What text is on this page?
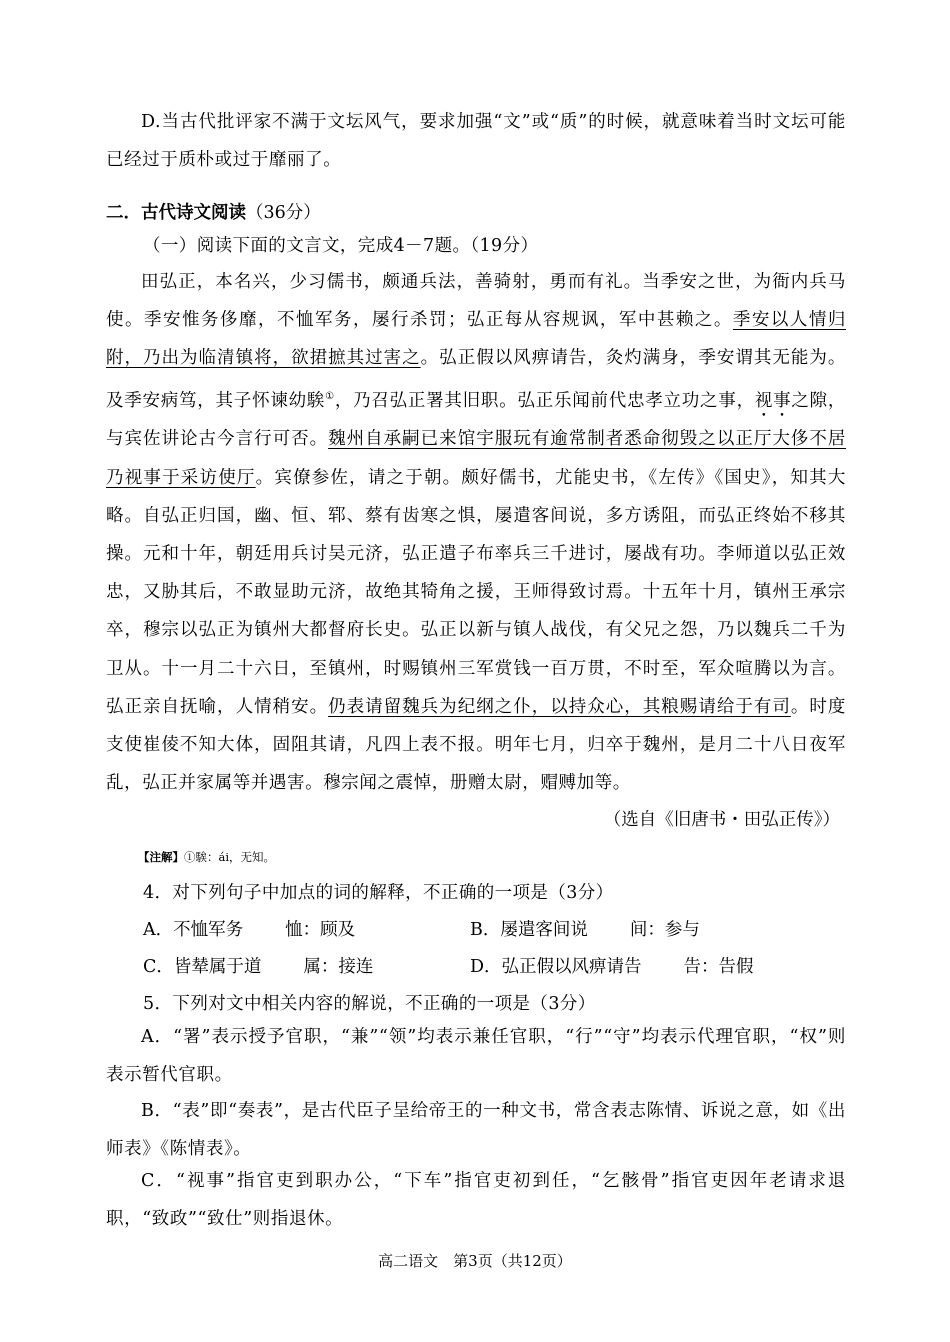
D.当古代批评家不满于文坛风气，要求加强“文”或“质”的时候，就意味着当时文坛可能已经过于质朴或过于靡丽了。

二．古代诗文阅读（36分）

（一）阅读下面的文言文，完成4－7题。（19分）

田弘正，本名兴，少习儒书，颇通兵法，善骑射，勇而有礼。当季安之世，为衙内兵马使。季安惟务侈靡，不恤军务，屡行杀罚；弘正每从容规讽，军中甚赖之。季安以人情归附，乃出为临清镇将，欲捃摭其过害之。弘正假以风痹请告，灸灼满身，季安谓其无能为。及季安病笃，其子怀谏幼騃①，乃召弘正署其旧职。弘正乐闻前代忠孝立功之事，视事之隙，与宾佐讲论古今言行可否。魏州自承嗣已来馆宇服玩有逾常制者悉命彻毁之以正厅大侈不居乃视事于采访使厅。宾僚参佐，请之于朝。颇好儒书，尤能史书，《左传》《国史》，知其大略。自弘正归国，幽、恒、郓、蔡有齿寒之惧，屡遣客间说，多方诱阻，而弘正终始不移其操。元和十年，朝廷用兵讨吴元济，弘正遣子布率兵三千进讨，屡战有功。李师道以弘正效忠，又胁其后，不敢显助元济，故绝其犄角之援，王师得致讨焉。十五年十月，镇州王承宗卒，穆宗以弘正为镇州大都督府长史。弘正以新与镇人战伐，有父兄之怨，乃以魏兵二千为卫从。十一月二十六日，至镇州，时赐镇州三军赏钱一百万贯，不时至，军众喧腾以为言。弘正亲自抚喻，人情稍安。仍表请留魏兵为纪纲之仆，以持众心，其粮赐请给于有司。时度支使崔倰不知大体，固阻其请，凡四上表不报。明年七月，归卒于魏州，是月二十八日夜军乱，弘正并家属等并遇害。穆宗闻之震悼，册赠太尉，赗赙加等。

（选自《旧唐书・田弘正传》）

【注解】①騃：ái，无知。

4．对下列句子中加点的词的解释，不正确的一项是（3分）

A．不恤军务 恤：顾及	B．屡遣客间说 间：参与

C．皆辇属于道 属：接连	D．弘正假以风痹请告 告：告假

5．下列对文中相关内容的解说，不正确的一项是（3分）

A．“署”表示授予官职，“兼”“领”均表示兼任官职，“行”“守”均表示代理官职，“权”则表示暂代官职。

B．“表”即“奏表”，是古代臣子呈给帝王的一种文书，常含表志陈情、诉说之意，如《出师表》《陈情表》。

C．“视事”指官吏到职办公，“下车”指官吏初到任，“乞骸骨”指官吏因年老请求退职，“致政”“致仕”则指退休。

高二语文　第3页（共12页）
